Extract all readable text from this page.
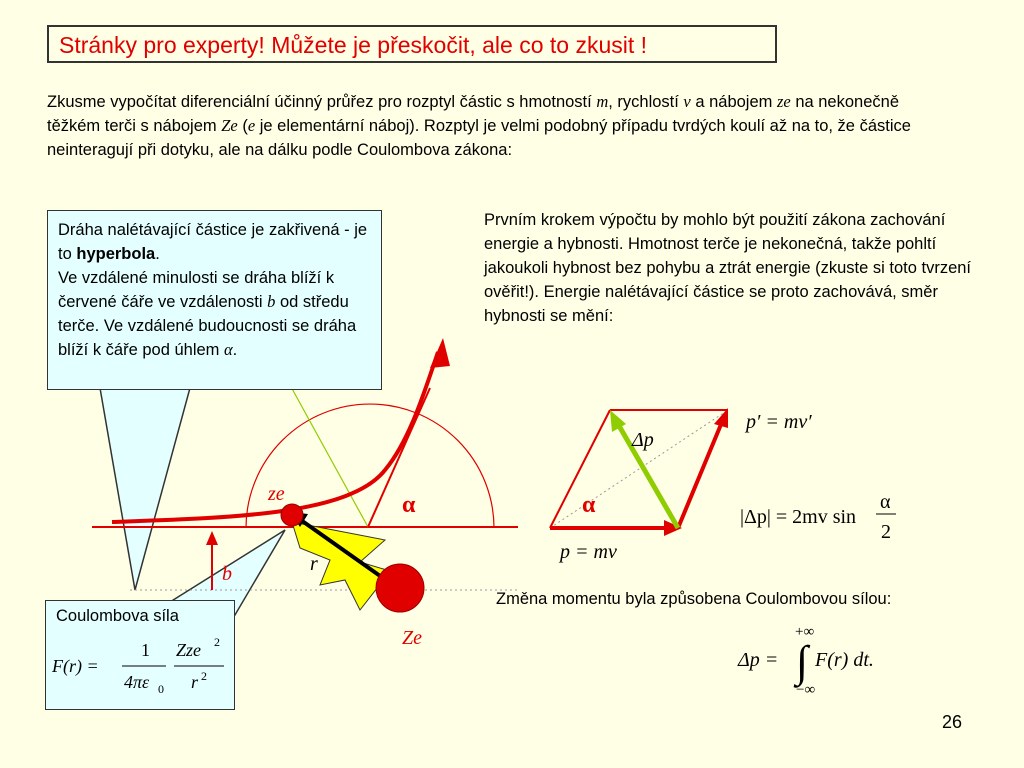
Stránky pro experty! Můžete je přeskočit, ale co to zkusit !
Zkusme vypočítat diferenciální účinný průřez pro rozptyl částic s hmotností m, rychlostí v a nábojem ze na nekonečně těžkém terči s nábojem Ze (e je elementární náboj). Rozptyl je velmi podobný případu tvrdých koulí až na to, že částice neinteragují při dotyku, ale na dálku podle Coulombova zákona:
Prvním krokem výpočtu by mohlo být použití zákona zachování energie a hybnosti. Hmotnost terče je nekonečná, takže pohltí jakoukoli hybnost bez pohybu a ztrát energie (zkuste si toto tvrzení ověřit!). Energie nalétávající částice se proto zachovává, směr hybnosti se mění:
ze
Ze
r
b
α	α
Δp
p′ = mv′
p = mv
|Δp| = 2mv sin
α
2
+∞
−∞
Δp = ∫ F(r) dt.
Dráha nalétávající částice je zakřivená - je to hyperbola.
Ve vzdálené minulosti se dráha blíží k červené čáře ve vzdálenosti b od středu terče. Ve vzdálené budoucnosti se dráha blíží k čáře pod úhlem α.
Coulombova síla
F(r) =
1
4πε 0
Zze 2
r 2
Změna momentu byla způsobena Coulombovou sílou:
26
